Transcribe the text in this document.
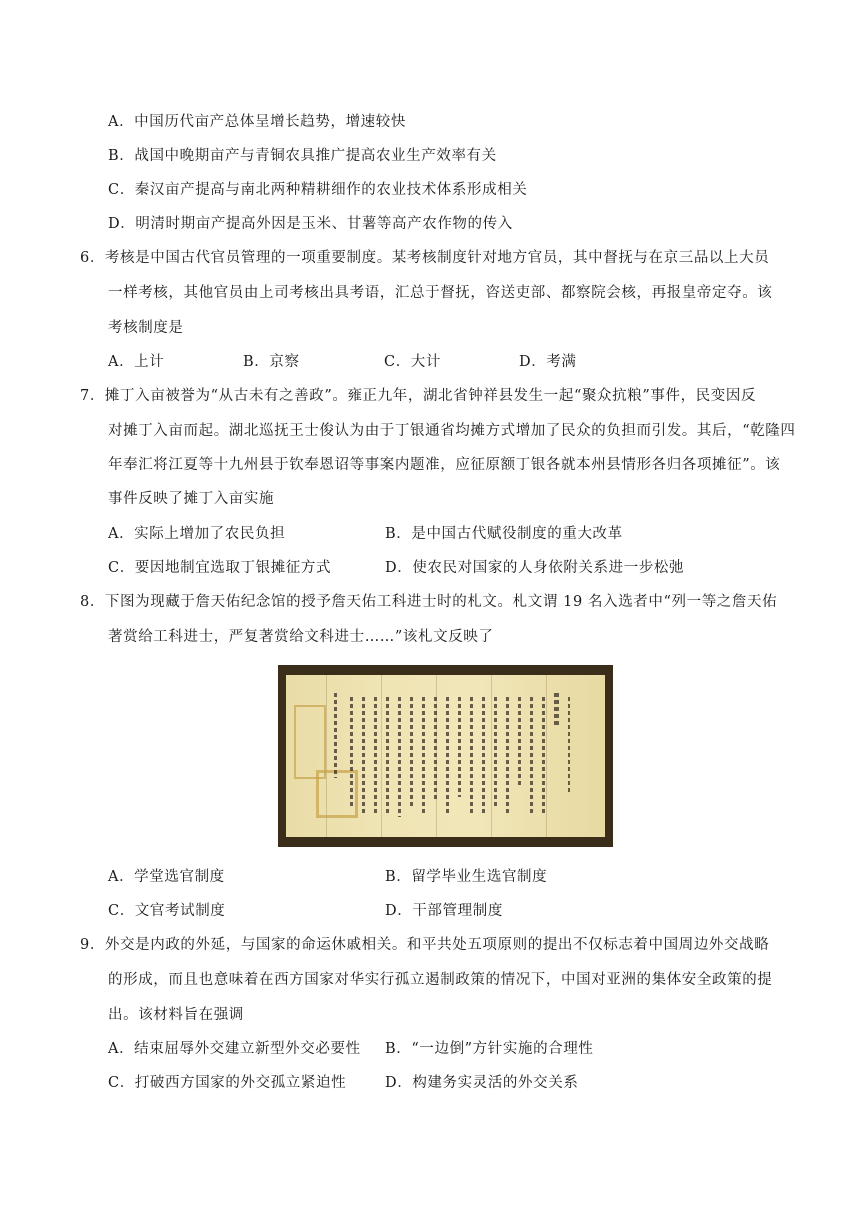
A．中国历代亩产总体呈增长趋势，增速较快
B．战国中晚期亩产与青铜农具推广提高农业生产效率有关
C．秦汉亩产提高与南北两种精耕细作的农业技术体系形成相关
D．明清时期亩产提高外因是玉米、甘薯等高产农作物的传入
6．考核是中国古代官员管理的一项重要制度。某考核制度针对地方官员，其中督抚与在京三品以上大员
一样考核，其他官员由上司考核出具考语，汇总于督抚，咨送吏部、都察院会核，再报皇帝定夺。该
考核制度是
A．上计	B．京察	C．大计	D．考满
7．摊丁入亩被誉为“从古未有之善政”。雍正九年，湖北省钟祥县发生一起“聚众抗粮”事件，民变因反
对摊丁入亩而起。湖北巡抚王士俊认为由于丁银通省均摊方式增加了民众的负担而引发。其后，“乾隆四
年奉汇将江夏等十九州县于钦奉恩诏等事案内题准，应征原额丁银各就本州县情形各归各项摊征”。该
事件反映了摊丁入亩实施
A．实际上增加了农民负担	B．是中国古代赋役制度的重大改革
C．要因地制宜选取丁银摊征方式	D．使农民对国家的人身依附关系进一步松弛
8．下图为现藏于詹天佑纪念馆的授予詹天佑工科进士时的札文。札文谓 19 名入选者中“列一等之詹天佑
著赏给工科进士，严复著赏给文科进士……”该札文反映了
A．学堂选官制度	B．留学毕业生选官制度
C．文官考试制度	D．干部管理制度
9．外交是内政的外延，与国家的命运休戚相关。和平共处五项原则的提出不仅标志着中国周边外交战略
的形成，而且也意味着在西方国家对华实行孤立遏制政策的情况下，中国对亚洲的集体安全政策的提
出。该材料旨在强调
A．结束屈辱外交建立新型外交必要性 B．“一边倒”方针实施的合理性
C．打破西方国家的外交孤立紧迫性	D．构建务实灵活的外交关系
